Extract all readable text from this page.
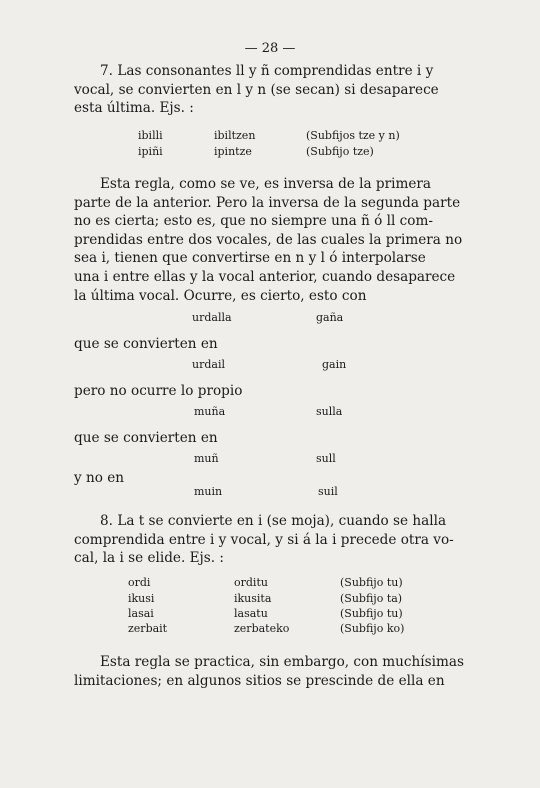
— 28 —
7. Las consonantes ll y ñ comprendidas entre i y
vocal, se convierten en l y n (se secan) si desaparece
esta última. Ejs. :
ibilli	ibiltzen	(Subfijos tze y n)
ipiñi	ipintze	(Subfijo tze)
Esta regla, como se ve, es inversa de la primera
parte de la anterior. Pero la inversa de la segunda parte
no es cierta; esto es, que no siempre una ñ ó ll com-
prendidas entre dos vocales, de las cuales la primera no
sea i, tienen que convertirse en n y l ó interpolarse
una i entre ellas y la vocal anterior, cuando desaparece
la última vocal. Ocurre, es cierto, esto con
urdalla	gaña
que se convierten en
urdail	gain
pero no ocurre lo propio
muña	sulla
que se convierten en
muñ	sull
y no en
muin	suil
8. La t se convierte en i (se moja), cuando se halla
comprendida entre i y vocal, y si á la i precede otra vo-
cal, la i se elide. Ejs. :
ordi	orditu	(Subfijo tu)
ikusi	ikusita	(Subfijo ta)
lasai	lasatu	(Subfijo tu)
zerbait	zerbateko	(Subfijo ko)
Esta regla se practica, sin embargo, con muchísimas
limitaciones; en algunos sitios se prescinde de ella en
